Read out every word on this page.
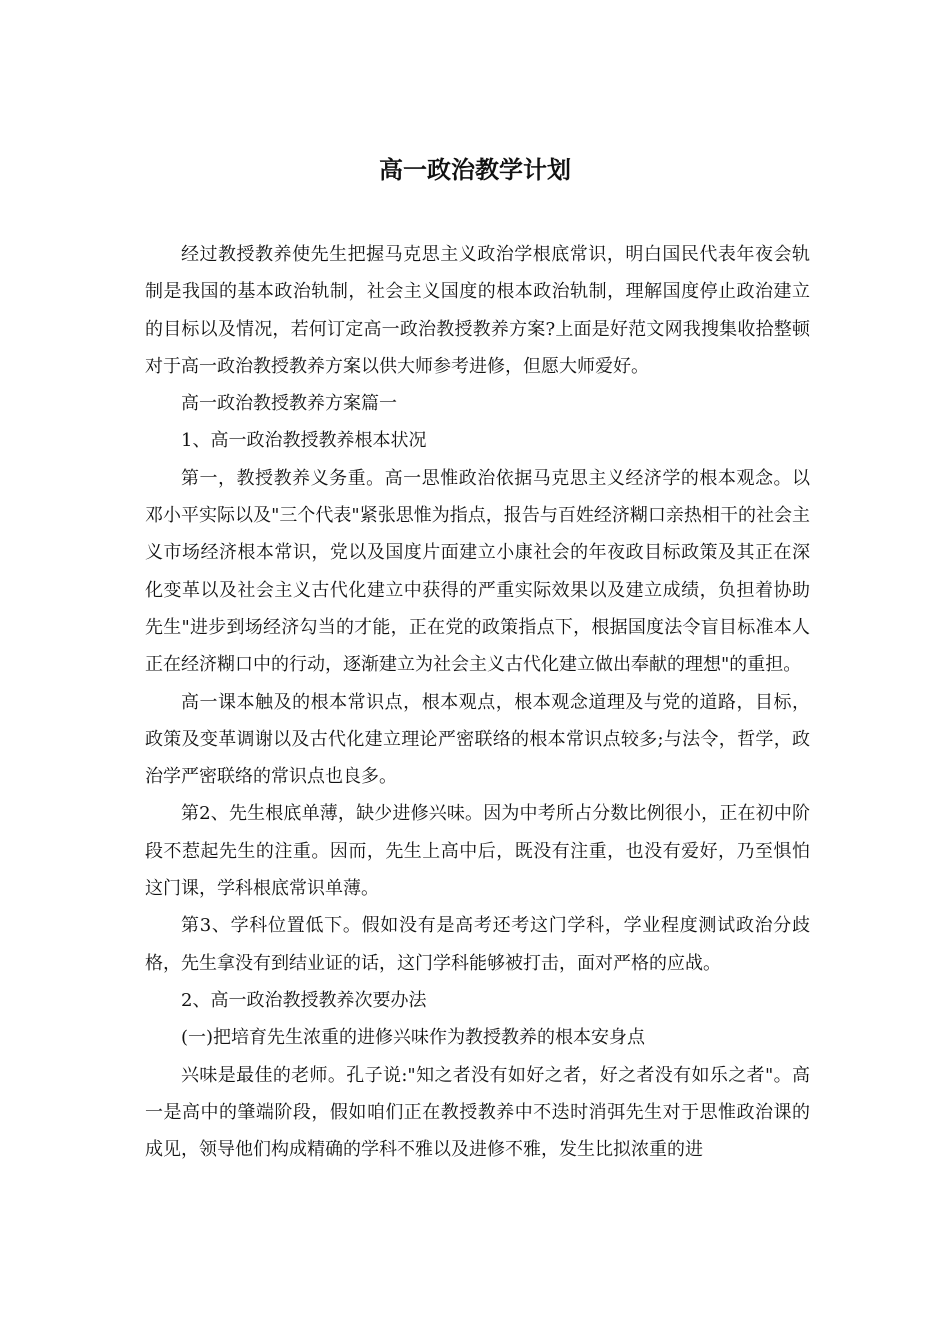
高一政治教学计划

经过教授教养使先生把握马克思主义政治学根底常识，明白国民代表年夜会轨制是我国的基本政治轨制，社会主义国度的根本政治轨制，理解国度停止政治建立的目标以及情况，若何订定高一政治教授教养方案?上面是好范文网我搜集收拾整顿对于高一政治教授教养方案以供大师参考进修，但愿大师爱好。

高一政治教授教养方案篇一

1、高一政治教授教养根本状况

第一，教授教养义务重。高一思惟政治依据马克思主义经济学的根本观念。以邓小平实际以及"三个代表"紧张思惟为指点，报告与百姓经济糊口亲热相干的社会主义市场经济根本常识，党以及国度片面建立小康社会的年夜政目标政策及其正在深化变革以及社会主义古代化建立中获得的严重实际效果以及建立成绩，负担着协助先生"进步到场经济勾当的才能，正在党的政策指点下，根据国度法令盲目标准本人正在经济糊口中的行动，逐渐建立为社会主义古代化建立做出奉献的理想"的重担。

高一课本触及的根本常识点，根本观点，根本观念道理及与党的道路，目标，政策及变革调谢以及古代化建立理论严密联络的根本常识点较多;与法令，哲学，政治学严密联络的常识点也良多。

第2、先生根底单薄，缺少进修兴味。因为中考所占分数比例很小，正在初中阶段不惹起先生的注重。因而，先生上高中后，既没有注重，也没有爱好，乃至惧怕这门课，学科根底常识单薄。

第3、学科位置低下。假如没有是高考还考这门学科，学业程度测试政治分歧格，先生拿没有到结业证的话，这门学科能够被打击，面对严格的应战。

2、高一政治教授教养次要办法

(一)把培育先生浓重的进修兴味作为教授教养的根本安身点

兴味是最佳的老师。孔子说:"知之者没有如好之者，好之者没有如乐之者"。高一是高中的肇端阶段，假如咱们正在教授教养中不迭时消弭先生对于思惟政治课的成见，领导他们构成精确的学科不雅以及进修不雅，发生比拟浓重的进
